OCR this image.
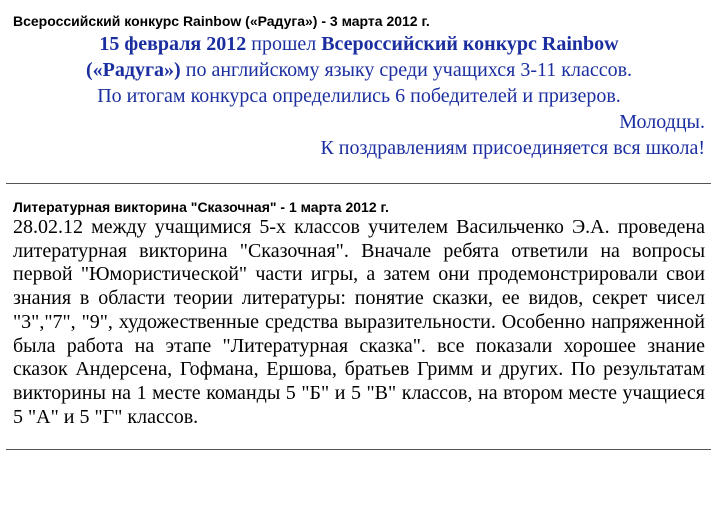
Всероссийский конкурс Rainbow («Радуга») - 3 марта 2012 г.
15 февраля 2012 прошел Всероссийский конкурс Rainbow
(«Радуга») по английскому языку среди учащихся 3-11 классов.
По итогам конкурса определились 6 победителей и призеров.
Молодцы.
К поздравлениям присоединяется вся школа!
Литературная викторина "Сказочная" - 1 марта 2012 г.
28.02.12 между учащимися 5-х классов учителем Васильченко Э.А. проведена литературная викторина "Сказочная". Вначале ребята ответили на вопросы первой "Юмористической" части игры, а затем они продемонстрировали свои знания в области теории литературы: понятие сказки, ее видов, секрет чисел "3","7", "9", художественные средства выразительности. Особенно напряженной была работа на этапе "Литературная сказка". все показали хорошее знание сказок Андерсена, Гофмана, Ершова, братьев Гримм и других. По результатам викторины на 1 месте команды 5 "Б" и 5 "В" классов, на втором месте учащиеся 5 "А" и 5 "Г" классов.
